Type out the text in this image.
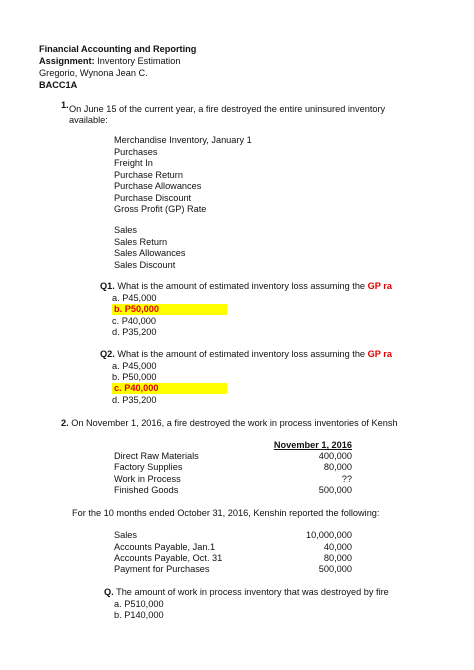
Financial Accounting and Reporting
Assignment: Inventory Estimation
Gregorio, Wynona Jean C.
BACC1A
1. On June 15 of the current year, a fire destroyed the entire uninsured inventory
available:
Merchandise Inventory, January 1
Purchases
Freight In
Purchase Return
Purchase Allowances
Purchase Discount
Gross Profit (GP) Rate
Sales
Sales Return
Sales Allowances
Sales Discount
Q1. What is the amount of estimated inventory loss assuming the GP ra
a. P45,000
b. P50,000
c. P40,000
d. P35,200
Q2. What is the amount of estimated inventory loss assuming the GP ra
a. P45,000
b. P50,000
c. P40,000
d. P35,200
2. On November 1, 2016, a fire destroyed the work in process inventories of Kensh
November 1, 2016
Direct Raw Materials	400,000
Factory Supplies	80,000
Work in Process	??
Finished Goods	500,000
For the 10 months ended October 31, 2016, Kenshin reported the following:
Sales	10,000,000
Accounts Payable, Jan.1	40,000
Accounts Payable, Oct. 31	80,000
Payment for Purchases	500,000
Q. The amount of work in process inventory that was destroyed by fire
a. P510,000
b. P140,000
